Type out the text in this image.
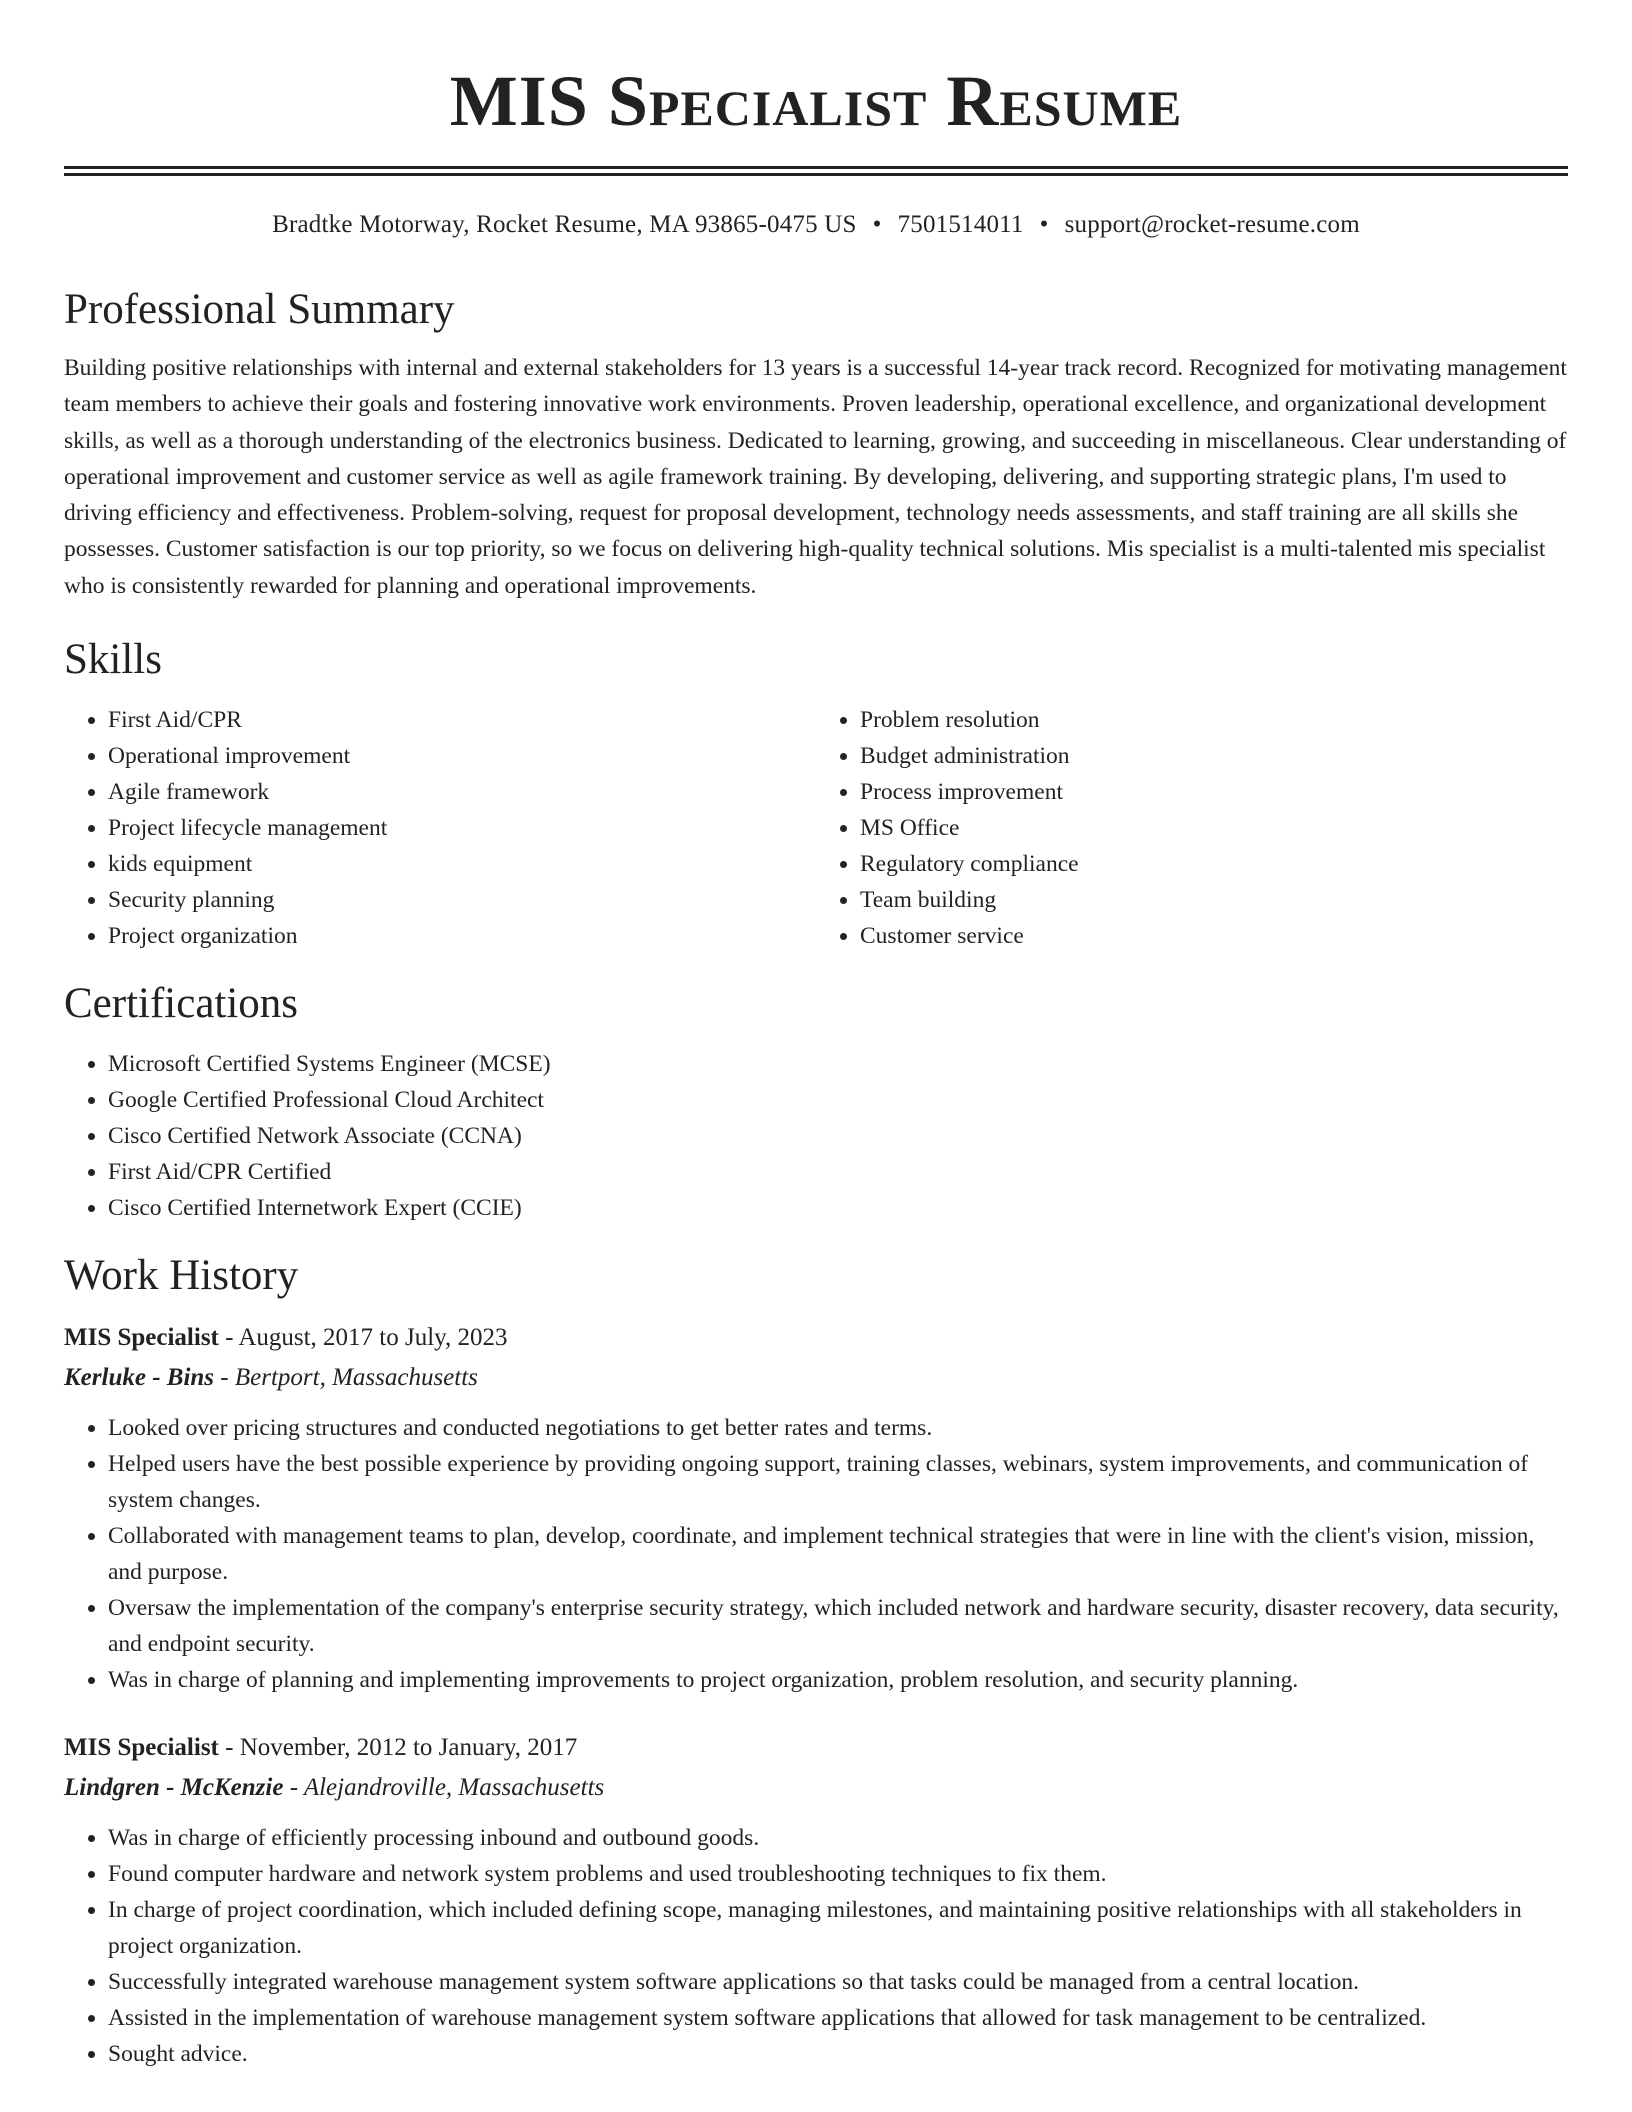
MIS Specialist Resume
Bradtke Motorway, Rocket Resume, MA 93865-0475 US • 7501514011 • support@rocket-resume.com
Professional Summary

Building positive relationships with internal and external stakeholders for 13 years is a successful 14-year track record. Recognized for motivating management team members to achieve their goals and fostering innovative work environments. Proven leadership, operational excellence, and organizational development skills, as well as a thorough understanding of the electronics business. Dedicated to learning, growing, and succeeding in miscellaneous. Clear understanding of operational improvement and customer service as well as agile framework training. By developing, delivering, and supporting strategic plans, I'm used to driving efficiency and effectiveness. Problem-solving, request for proposal development, technology needs assessments, and staff training are all skills she possesses. Customer satisfaction is our top priority, so we focus on delivering high-quality technical solutions. Mis specialist is a multi-talented mis specialist who is consistently rewarded for planning and operational improvements.

Skills
• First Aid/CPR
• Operational improvement
• Agile framework
• Project lifecycle management
• kids equipment
• Security planning
• Project organization
• Problem resolution
• Budget administration
• Process improvement
• MS Office
• Regulatory compliance
• Team building
• Customer service
Certifications
• Microsoft Certified Systems Engineer (MCSE)
• Google Certified Professional Cloud Architect
• Cisco Certified Network Associate (CCNA)
• First Aid/CPR Certified
• Cisco Certified Internetwork Expert (CCIE)
Work History
MIS Specialist - August, 2017 to July, 2023
Kerluke - Bins - Bertport, Massachusetts
• Looked over pricing structures and conducted negotiations to get better rates and terms.
• Helped users have the best possible experience by providing ongoing support, training classes, webinars, system improvements, and communication of system changes.
• Collaborated with management teams to plan, develop, coordinate, and implement technical strategies that were in line with the client's vision, mission, and purpose.
• Oversaw the implementation of the company's enterprise security strategy, which included network and hardware security, disaster recovery, data security, and endpoint security.
• Was in charge of planning and implementing improvements to project organization, problem resolution, and security planning.
MIS Specialist - November, 2012 to January, 2017
Lindgren - McKenzie - Alejandroville, Massachusetts
• Was in charge of efficiently processing inbound and outbound goods.
• Found computer hardware and network system problems and used troubleshooting techniques to fix them.
• In charge of project coordination, which included defining scope, managing milestones, and maintaining positive relationships with all stakeholders in project organization.
• Successfully integrated warehouse management system software applications so that tasks could be managed from a central location.
• Assisted in the implementation of warehouse management system software applications that allowed for task management to be centralized.
• Sought advice.
